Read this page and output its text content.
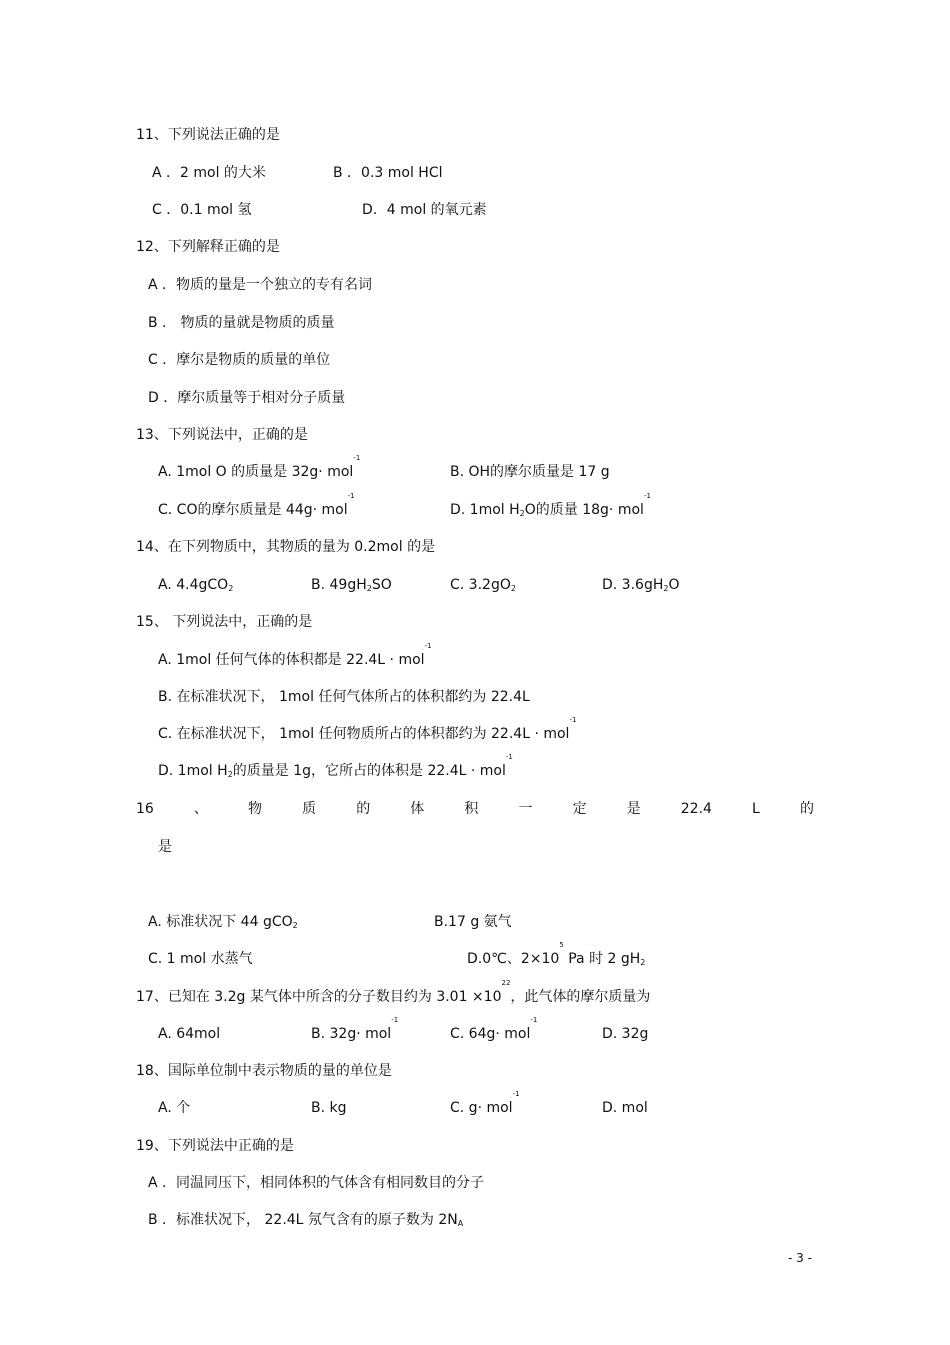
11、下列说法正确的是
A ．2 mol 的大米	B ．0.3 mol HCl
C ．0.1 mol 氢	D．4 mol 的氧元素
12、下列解释正确的是
A ．物质的量是一个独立的专有名词
B ． 物质的量就是物质的质量
C ．摩尔是物质的质量的单位
D ．摩尔质量等于相对分子质量
13、下列说法中，正确的是
A. 1mol O 的质量是 32g· mol$^{-1}$
B. OH的摩尔质量是 17 g
C. CO的摩尔质量是 44g· mol$^{-1}$
D. 1mol $H_2O$的质量 18g· mol$^{-1}$
14、在下列物质中，其物质的量为 0.2mol 的是
A. 4.4gCO$_2$	B. $49gH_2SO$	C. $3.2gO_2$	D. $3.6gH_2O$
15、 下列说法中，正确的是
A. 1mol 任何气体的体积都是 22.4L · mol$^{-1}$
B. 在标准状况下， 1mol 任何气体所占的体积都约为 22.4L
C. 在标准状况下， 1mol 任何物质所占的体积都约为 22.4L · mol$^{-1}$
D. 1mol $H_2$的质量是 1g，它所占的体积是 22.4L · mol$^{-1}$
16	、	物	质	的	体	积	一	定	是	22.4	L	的
是
A. 标准状况下 44 gCO$_2$	B.17 g 氨气
C. 1 mol 水蒸气	D.0℃、$2\times 10^5$ Pa 时 2 $gH_2$
17、已知在 3.2g 某气体中所含的分子数目约为 $3.01 \times 10^{22}$，此气体的摩尔质量为
A. 64mol	B. 32g· mol$^{-1}$
C. 64g· mol$^{-1}$
D. 32g
18、国际单位制中表示物质的量的单位是
A. 个	B. kg	C. g· mol$^{-1}$
D. mol
19、下列说法中正确的是
A ．同温同压下，相同体积的气体含有相同数目的分子
B ．标准状况下， 22.4L 氖气含有的原子数为 $2N_A$
- 3 -
